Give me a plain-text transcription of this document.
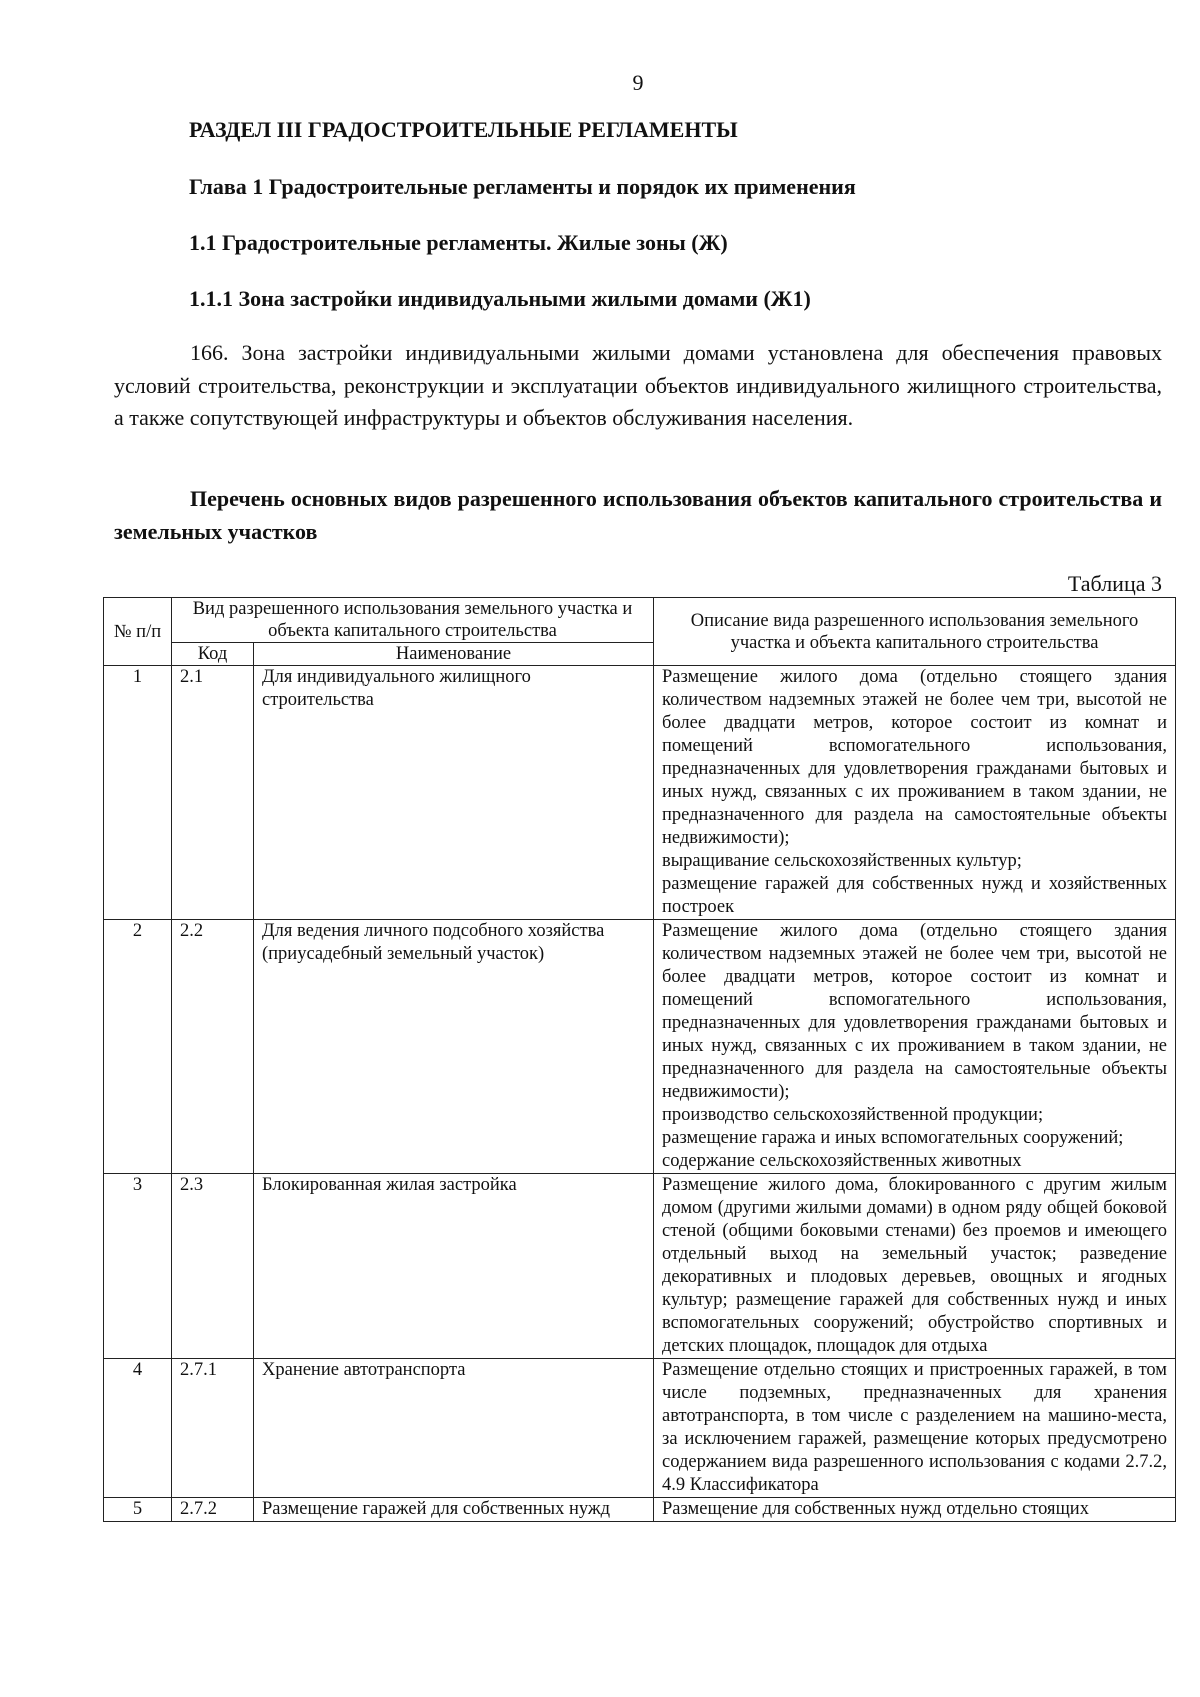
9
РАЗДЕЛ III ГРАДОСТРОИТЕЛЬНЫЕ РЕГЛАМЕНТЫ
Глава 1 Градостроительные регламенты и порядок их применения
1.1 Градостроительные регламенты. Жилые зоны (Ж)
1.1.1 Зона застройки индивидуальными жилыми домами (Ж1)
166. Зона застройки индивидуальными жилыми домами установлена для обеспечения правовых условий строительства, реконструкции и эксплуатации объектов индивидуального жилищного строительства, а также сопутствующей инфраструктуры и объектов обслуживания населения.
Перечень основных видов разрешенного использования объектов капитального строительства и земельных участков
Таблица 3
№ п/п	Вид разрешенного использования земельного участка и объекта капитального строительства		Описание вида разрешенного использования земельного участка и объекта капитального строительства
	Код	Наименование	
1	2.1	Для индивидуального жилищного строительства	Размещение жилого дома (отдельно стоящего здания количеством надземных этажей не более чем три, высотой не более двадцати метров, которое состоит из комнат и помещений вспомогательного использования, предназначенных для удовлетворения гражданами бытовых и иных нужд, связанных с их проживанием в таком здании, не предназначенного для раздела на самостоятельные объекты недвижимости);
выращивание сельскохозяйственных культур;
размещение гаражей для собственных нужд и хозяйственных построек

2	2.2	Для ведения личного подсобного хозяйства (приусадебный земельный участок)	Размещение жилого дома (отдельно стоящего здания количеством надземных этажей не более чем три, высотой не более двадцати метров, которое состоит из комнат и помещений вспомогательного использования, предназначенных для удовлетворения гражданами бытовых и иных нужд, связанных с их проживанием в таком здании, не предназначенного для раздела на самостоятельные объекты недвижимости);
производство сельскохозяйственной продукции;
размещение гаража и иных вспомогательных сооружений;
содержание сельскохозяйственных животных

3	2.3	Блокированная жилая застройка	Размещение жилого дома, блокированного с другим жилым домом (другими жилыми домами) в одном ряду общей боковой стеной (общими боковыми стенами) без проемов и имеющего отдельный выход на земельный участок; разведение декоративных и плодовых деревьев, овощных и ягодных культур; размещение гаражей для собственных нужд и иных вспомогательных сооружений; обустройство спортивных и детских площадок, площадок для отдыха

4	2.7.1	Хранение автотранспорта	Размещение отдельно стоящих и пристроенных гаражей, в том числе подземных, предназначенных для хранения автотранспорта, в том числе с разделением на машино-места, за исключением гаражей, размещение которых предусмотрено содержанием вида разрешенного использования с кодами 2.7.2, 4.9 Классификатора

5	2.7.2	Размещение гаражей для собственных нужд	Размещение для собственных нужд отдельно стоящих
